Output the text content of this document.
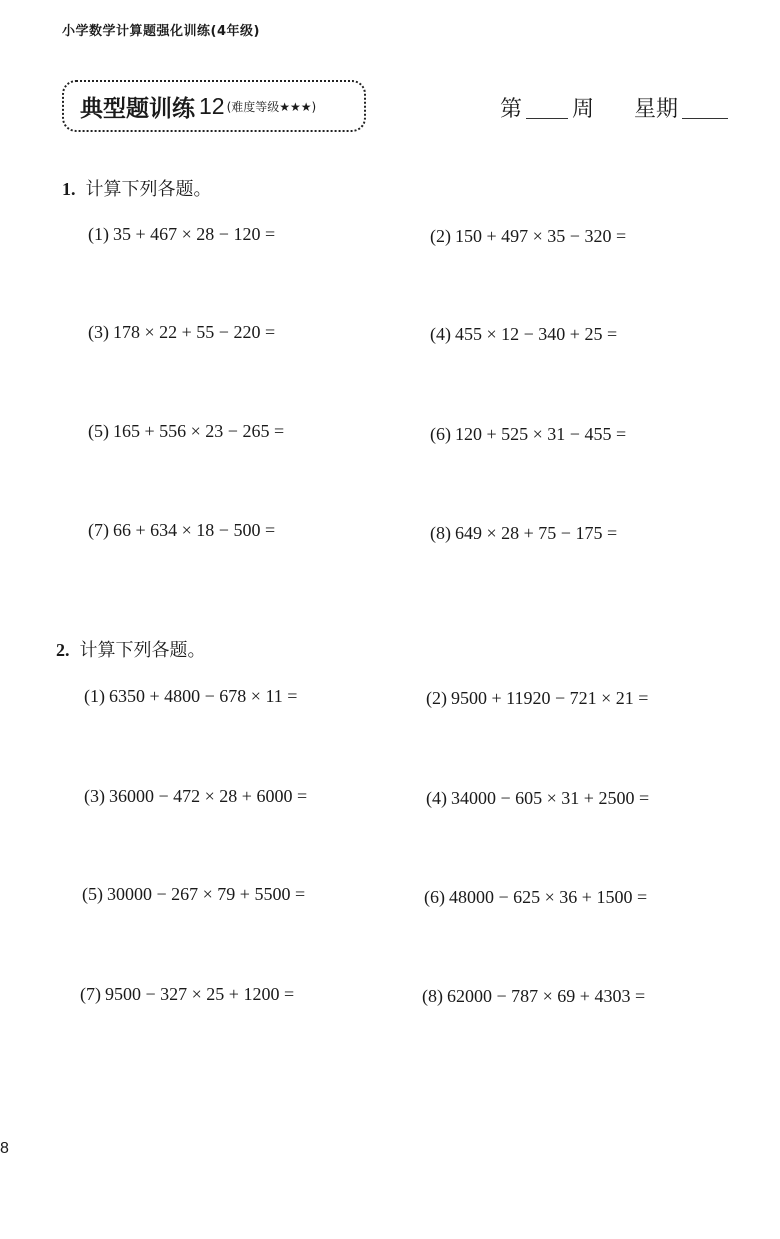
小学数学计算题强化训练(4年级)
典型题训练 12 (难度等级★★★)	第 周 星期
1. 计算下列各题。
(1) 35 + 467 × 28 − 120 =	(2) 150 + 497 × 35 − 320 =
(3) 178 × 22 + 55 − 220 =	(4) 455 × 12 − 340 + 25 =
(5) 165 + 556 × 23 − 265 =	(6) 120 + 525 × 31 − 455 =
(7) 66 + 634 × 18 − 500 =	(8) 649 × 28 + 75 − 175 =
2. 计算下列各题。
(1) 6350 + 4800 − 678 × 11 =	(2) 9500 + 11920 − 721 × 21 =
(3) 36000 − 472 × 28 + 6000 =	(4) 34000 − 605 × 31 + 2500 =
(5) 30000 − 267 × 79 + 5500 =	(6) 48000 − 625 × 36 + 1500 =
(7) 9500 − 327 × 25 + 1200 =	(8) 62000 − 787 × 69 + 4303 =
8
